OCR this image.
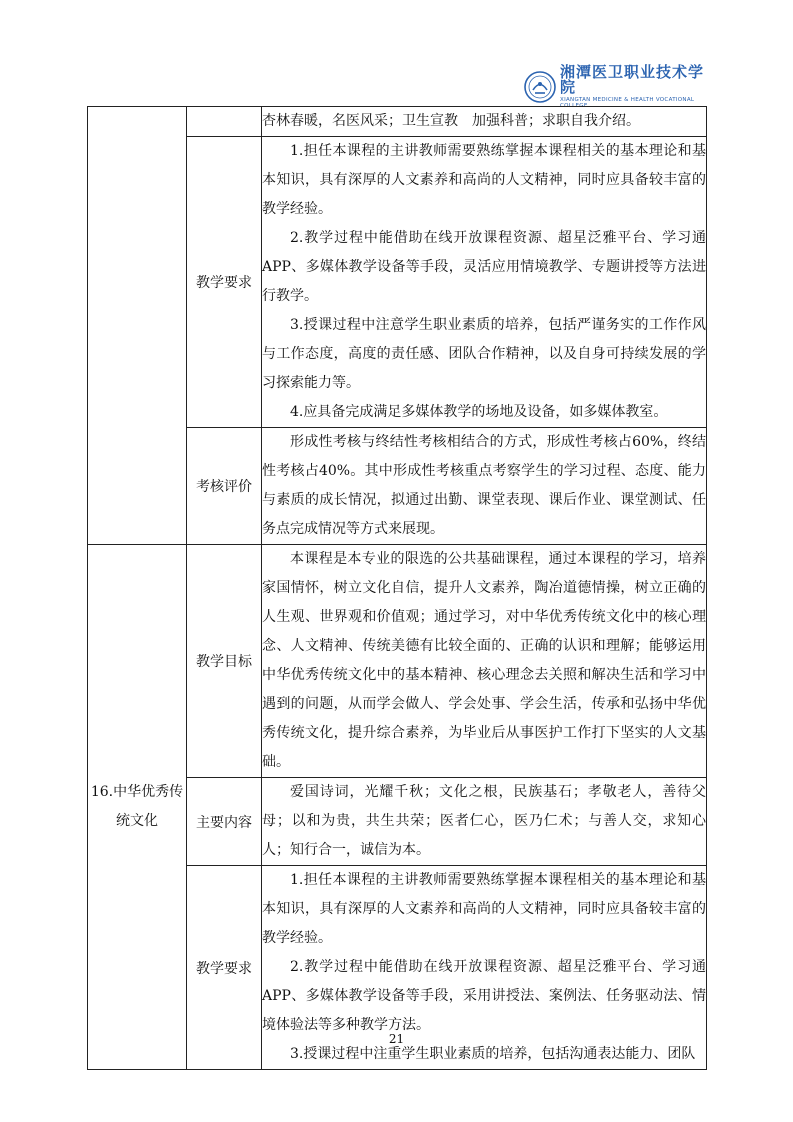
湘潭医卫职业技术学院
XIANGTAN MEDICINE & HEALTH VOCATIONAL COLLEGE

		杏林春暖，名医风采；卫生宣教　加强科普；求职自我介绍。

	教学要求	1.担任本课程的主讲教师需要熟练掌握本课程相关的基本理论和基本知识，具有深厚的人文素养和高尚的人文精神，同时应具备较丰富的教学经验。

2.教学过程中能借助在线开放课程资源、超星泛雅平台、学习通APP、多媒体教学设备等手段，灵活应用情境教学、专题讲授等方法进行教学。

3.授课过程中注意学生职业素质的培养，包括严谨务实的工作作风与工作态度，高度的责任感、团队合作精神，以及自身可持续发展的学习探索能力等。

4.应具备完成满足多媒体教学的场地及设备，如多媒体教室。

	考核评价	形成性考核与终结性考核相结合的方式，形成性考核占60%，终结性考核占40%。其中形成性考核重点考察学生的学习过程、态度、能力与素质的成长情况，拟通过出勤、课堂表现、课后作业、课堂测试、任务点完成情况等方式来展现。

16.中华优秀传统文化	教学目标	本课程是本专业的限选的公共基础课程，通过本课程的学习，培养家国情怀，树立文化自信，提升人文素养，陶冶道德情操，树立正确的人生观、世界观和价值观；通过学习，对中华优秀传统文化中的核心理念、人文精神、传统美德有比较全面的、正确的认识和理解；能够运用中华优秀传统文化中的基本精神、核心理念去关照和解决生活和学习中遇到的问题，从而学会做人、学会处事、学会生活，传承和弘扬中华优秀传统文化，提升综合素养，为毕业后从事医护工作打下坚实的人文基础。

	主要内容	爱国诗词，光耀千秋；文化之根，民族基石；孝敬老人，善待父母；以和为贵，共生共荣；医者仁心，医乃仁术；与善人交，求知心人；知行合一，诚信为本。

	教学要求	1.担任本课程的主讲教师需要熟练掌握本课程相关的基本理论和基本知识，具有深厚的人文素养和高尚的人文精神，同时应具备较丰富的教学经验。

2.教学过程中能借助在线开放课程资源、超星泛雅平台、学习通APP、多媒体教学设备等手段，采用讲授法、案例法、任务驱动法、情境体验法等多种教学方法。

3.授课过程中注重学生职业素质的培养，包括沟通表达能力、团队

21
